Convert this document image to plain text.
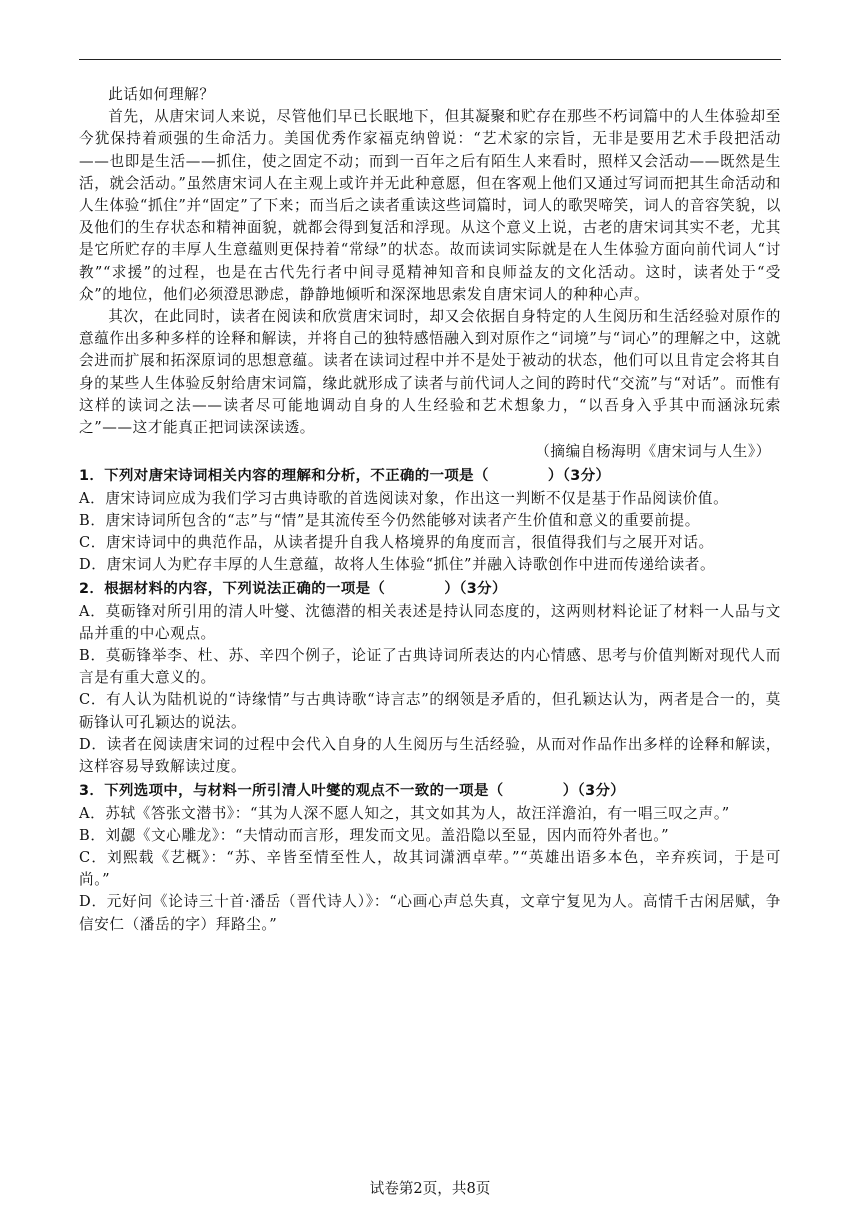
此话如何理解？

首先，从唐宋词人来说，尽管他们早已长眠地下，但其凝聚和贮存在那些不朽词篇中的人生体验却至今犹保持着顽强的生命活力。美国优秀作家福克纳曾说：“艺术家的宗旨，无非是要用艺术手段把活动——也即是生活——抓住，使之固定不动；而到一百年之后有陌生人来看时，照样又会活动——既然是生活，就会活动。”虽然唐宋词人在主观上或许并无此种意愿，但在客观上他们又通过写词而把其生命活动和人生体验“抓住”并“固定”了下来；而当后之读者重读这些词篇时，词人的歌哭啼笑，词人的音容笑貌，以及他们的生存状态和精神面貌，就都会得到复活和浮现。从这个意义上说，古老的唐宋词其实不老，尤其是它所贮存的丰厚人生意蕴则更保持着“常绿”的状态。故而读词实际就是在人生体验方面向前代词人“讨教”“求援”的过程，也是在古代先行者中间寻觅精神知音和良师益友的文化活动。这时，读者处于“受众”的地位，他们必须澄思渺虑，静静地倾听和深深地思索发自唐宋词人的种种心声。

其次，在此同时，读者在阅读和欣赏唐宋词时，却又会依据自身特定的人生阅历和生活经验对原作的意蕴作出多种多样的诠释和解读，并将自己的独特感悟融入到对原作之“词境”与“词心”的理解之中，这就会进而扩展和拓深原词的思想意蕴。读者在读词过程中并不是处于被动的状态，他们可以且肯定会将其自身的某些人生体验反射给唐宋词篇，缘此就形成了读者与前代词人之间的跨时代“交流”与“对话”。而惟有这样的读词之法——读者尽可能地调动自身的人生经验和艺术想象力，“以吾身入乎其中而涵泳玩索之”——这才能真正把词读深读透。

（摘编自杨海明《唐宋词与人生》）

1．下列对唐宋诗词相关内容的理解和分析，不正确的一项是（　　　　）（3分）

A．唐宋诗词应成为我们学习古典诗歌的首选阅读对象，作出这一判断不仅是基于作品阅读价值。

B．唐宋诗词所包含的“志”与“情”是其流传至今仍然能够对读者产生价值和意义的重要前提。

C．唐宋诗词中的典范作品，从读者提升自我人格境界的角度而言，很值得我们与之展开对话。

D．唐宋词人为贮存丰厚的人生意蕴，故将人生体验“抓住”并融入诗歌创作中进而传递给读者。

2．根据材料的内容，下列说法正确的一项是（　　　　）（3分）

A．莫砺锋对所引用的清人叶燮、沈德潜的相关表述是持认同态度的，这两则材料论证了材料一人品与文品并重的中心观点。

B．莫砺锋举李、杜、苏、辛四个例子，论证了古典诗词所表达的内心情感、思考与价值判断对现代人而言是有重大意义的。

C．有人认为陆机说的“诗缘情”与古典诗歌“诗言志”的纲领是矛盾的，但孔颖达认为，两者是合一的，莫砺锋认可孔颖达的说法。

D．读者在阅读唐宋词的过程中会代入自身的人生阅历与生活经验，从而对作品作出多样的诠释和解读，这样容易导致解读过度。

3．下列选项中，与材料一所引清人叶燮的观点不一致的一项是（　　　　）（3分）

A．苏轼《答张文潜书》：“其为人深不愿人知之，其文如其为人，故汪洋澹泊，有一唱三叹之声。”

B．刘勰《文心雕龙》：“夫情动而言形，理发而文见。盖沿隐以至显，因内而符外者也。”

C．刘熙载《艺概》：“苏、辛皆至情至性人，故其词潇洒卓荦。”“英雄出语多本色，辛弃疾词，于是可尚。”

D．元好问《论诗三十首·潘岳（晋代诗人）》：“心画心声总失真，文章宁复见为人。高情千古闲居赋，争信安仁（潘岳的字）拜路尘。”

试卷第2页，共8页
